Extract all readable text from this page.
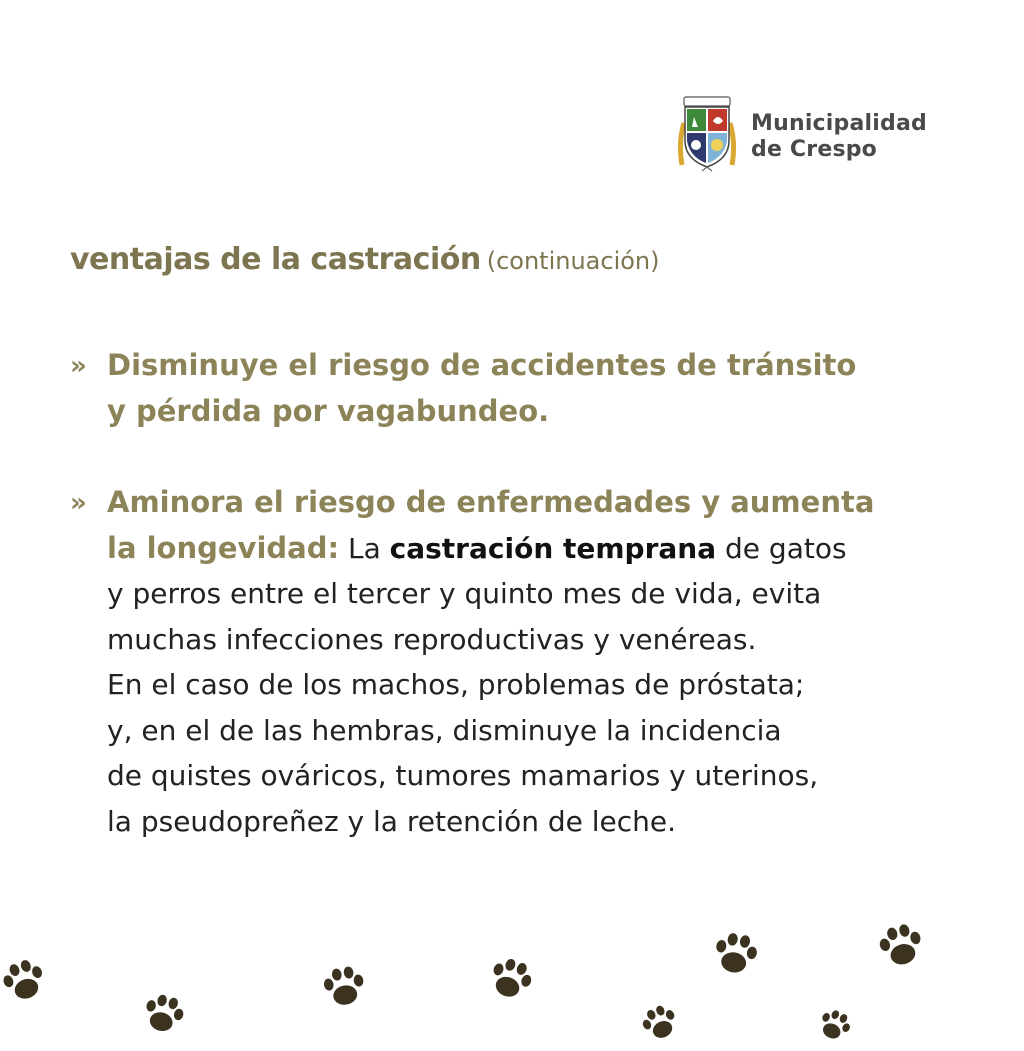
Municipalidad
de Crespo
ventajas de la castración (continuación)
» Disminuye el riesgo de accidentes de tránsito
y pérdida por vagabundeo.
» Aminora el riesgo de enfermedades y aumenta
la longevidad: La castración temprana de gatos
y perros entre el tercer y quinto mes de vida, evita
muchas infecciones reproductivas y venéreas.
En el caso de los machos, problemas de próstata;
y, en el de las hembras, disminuye la incidencia
de quistes ováricos, tumores mamarios y uterinos,
la pseudopreñez y la retención de leche.
